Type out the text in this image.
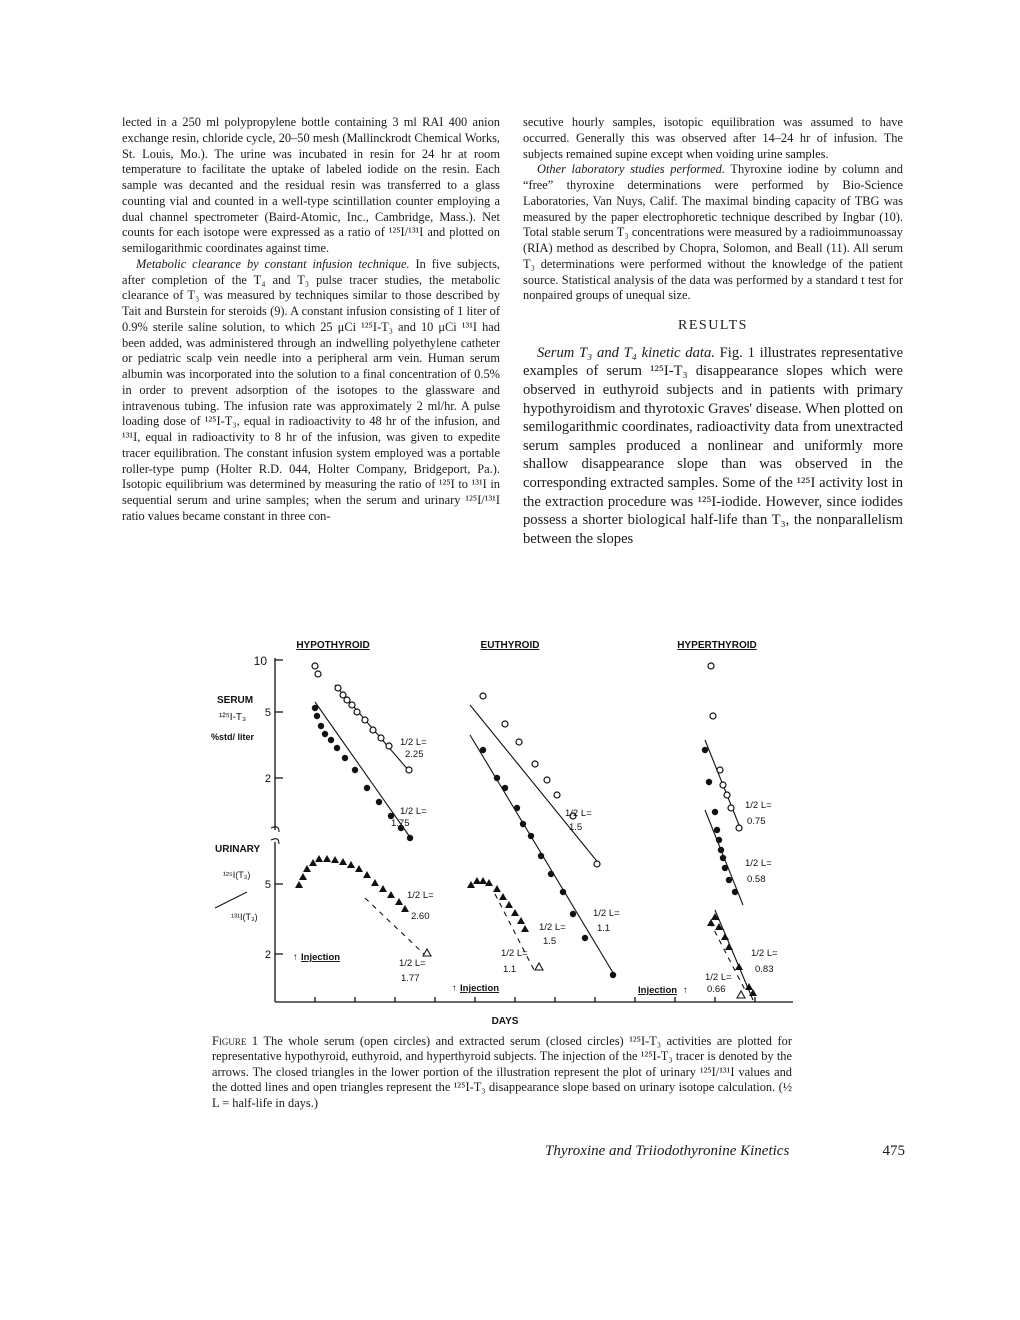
lected in a 250 ml polypropylene bottle containing 3 ml RAI 400 anion exchange resin, chloride cycle, 20–50 mesh (Mallinckrodt Chemical Works, St. Louis, Mo.). The urine was incubated in resin for 24 hr at room temperature to facilitate the uptake of labeled iodide on the resin. Each sample was decanted and the residual resin was transferred to a glass counting vial and counted in a well-type scintillation counter employing a dual channel spectrometer (Baird-Atomic, Inc., Cambridge, Mass.). Net counts for each isotope were expressed as a ratio of ¹²⁵I/¹³¹I and plotted on semilogarithmic coordinates against time.

Metabolic clearance by constant infusion technique. In five subjects, after completion of the T₄ and T₃ pulse tracer studies, the metabolic clearance of T₃ was measured by techniques similar to those described by Tait and Burstein for steroids (9). A constant infusion consisting of 1 liter of 0.9% sterile saline solution, to which 25 μCi ¹²⁵I-T₃ and 10 μCi ¹³¹I had been added, was administered through an indwelling polyethylene catheter or pediatric scalp vein needle into a peripheral arm vein. Human serum albumin was incorporated into the solution to a final concentration of 0.5% in order to prevent adsorption of the isotopes to the glassware and intravenous tubing. The infusion rate was approximately 2 ml/hr. A pulse loading dose of ¹²⁵I-T₃, equal in radioactivity to 48 hr of the infusion, and ¹³¹I, equal in radioactivity to 8 hr of the infusion, was given to expedite tracer equilibration. The constant infusion system employed was a portable roller-type pump (Holter R.D. 044, Holter Company, Bridgeport, Pa.). Isotopic equilibrium was determined by measuring the ratio of ¹²⁵I to ¹³¹I in sequential serum and urine samples; when the serum and urinary ¹²⁵I/¹³¹I ratio values became constant in three con-

secutive hourly samples, isotopic equilibration was assumed to have occurred. Generally this was observed after 14–24 hr of infusion. The subjects remained supine except when voiding urine samples.

Other laboratory studies performed. Thyroxine iodine by column and “free” thyroxine determinations were performed by Bio-Science Laboratories, Van Nuys, Calif. The maximal binding capacity of TBG was measured by the paper electrophoretic technique described by Ingbar (10). Total stable serum T₃ concentrations were measured by a radioimmunoassay (RIA) method as described by Chopra, Solomon, and Beall (11). All serum T₃ determinations were performed without the knowledge of the patient source. Statistical analysis of the data was performed by a standard t test for nonpaired groups of unequal size.

RESULTS

Serum T₃ and T₄ kinetic data. Fig. 1 illustrates representative examples of serum ¹²⁵I-T₃ disappearance slopes which were observed in euthyroid subjects and in patients with primary hypothyroidism and thyrotoxic Graves' disease. When plotted on semilogarithmic coordinates, radioactivity data from unextracted serum samples produced a nonlinear and uniformly more shallow disappearance slope than was observed in the corresponding extracted samples. Some of the ¹²⁵I activity lost in the extraction procedure was ¹²⁵I-iodide. However, since iodides possess a shorter biological half-life than T₃, the nonparallelism between the slopes

10
5
2
5
2
SERUM
¹²⁵I-T₃
%std/ liter
URINARY
¹²⁵I(T₃)
¹³¹I(T₃)
HYPOTHYROID	EUTHYROID	HYPERTHYROID
1/2 L=
2.25
1/2 L=
1.75
1/2 L=
2.60
1/2 L=
1.77
1/2 L=
1.5
1/2 L=
1.1
1/2 L=
1.5
1/2 L=
1.1
1/2 L=
0.75
1/2 L=
0.58
1/2 L=
0.83
1/2 L=
0.66
↑ Injection
↑ Injection	Injection ↑
DAYS

Figure 1 The whole serum (open circles) and extracted serum (closed circles) ¹²⁵I-T₃ activities are plotted for representative hypothyroid, euthyroid, and hyperthyroid subjects. The injection of the ¹²⁵I-T₃ tracer is denoted by the arrows. The closed triangles in the lower portion of the illustration represent the plot of urinary ¹²⁵I/¹³¹I values and the dotted lines and open triangles represent the ¹²⁵I-T₃ disappearance slope based on urinary isotope calculation. (½ L = half-life in days.)

Thyroxine and Triiodothyronine Kinetics	475
